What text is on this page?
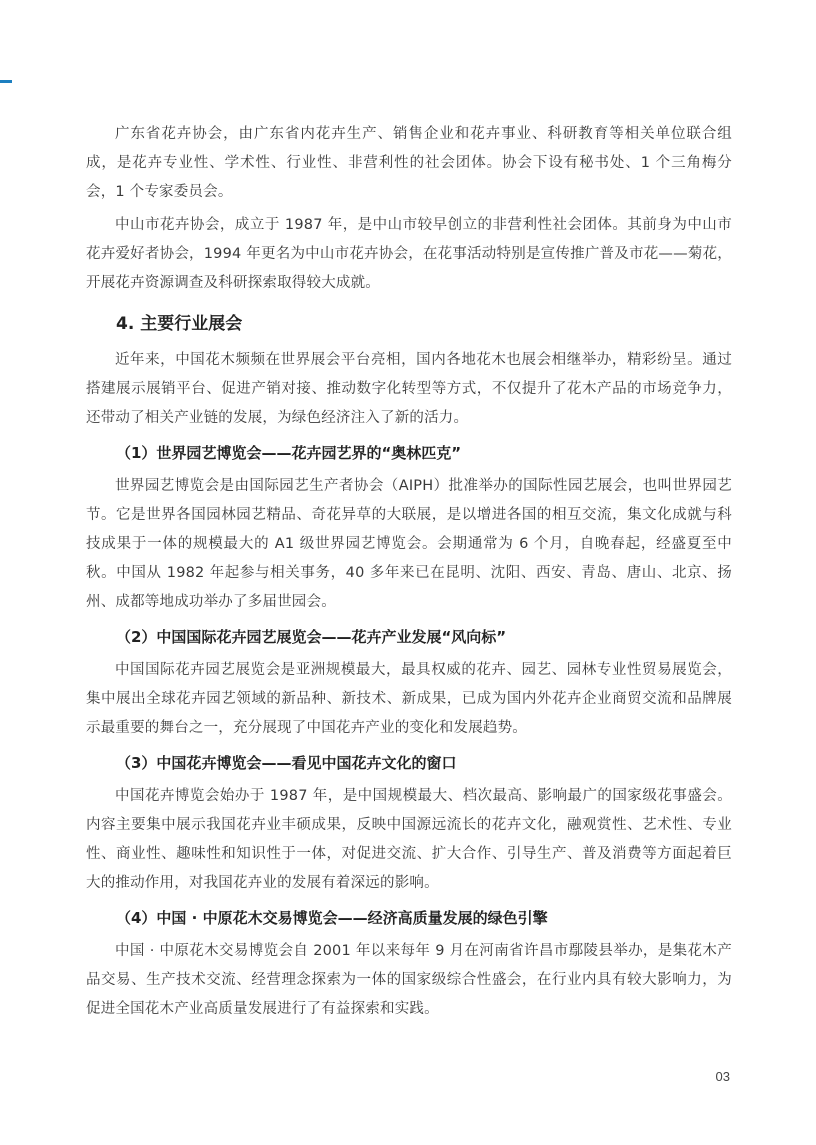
广东省花卉协会，由广东省内花卉生产、销售企业和花卉事业、科研教育等相关单位联合组成，是花卉专业性、学术性、行业性、非营利性的社会团体。协会下设有秘书处、1 个三角梅分会，1 个专家委员会。

中山市花卉协会，成立于 1987 年，是中山市较早创立的非营利性社会团体。其前身为中山市花卉爱好者协会，1994 年更名为中山市花卉协会，在花事活动特别是宣传推广普及市花——菊花，开展花卉资源调查及科研探索取得较大成就。

4. 主要行业展会

近年来，中国花木频频在世界展会平台亮相，国内各地花木也展会相继举办，精彩纷呈。通过搭建展示展销平台、促进产销对接、推动数字化转型等方式，不仅提升了花木产品的市场竞争力，还带动了相关产业链的发展，为绿色经济注入了新的活力。

（1）世界园艺博览会——花卉园艺界的“奥林匹克”

世界园艺博览会是由国际园艺生产者协会（AIPH）批准举办的国际性园艺展会，也叫世界园艺节。它是世界各国园林园艺精品、奇花异草的大联展，是以增进各国的相互交流，集文化成就与科技成果于一体的规模最大的 A1 级世界园艺博览会。会期通常为 6 个月，自晚春起，经盛夏至中秋。中国从 1982 年起参与相关事务，40 多年来已在昆明、沈阳、西安、青岛、唐山、北京、扬州、成都等地成功举办了多届世园会。

（2）中国国际花卉园艺展览会——花卉产业发展“风向标”

中国国际花卉园艺展览会是亚洲规模最大，最具权威的花卉、园艺、园林专业性贸易展览会，集中展出全球花卉园艺领域的新品种、新技术、新成果，已成为国内外花卉企业商贸交流和品牌展示最重要的舞台之一，充分展现了中国花卉产业的变化和发展趋势。

（3）中国花卉博览会——看见中国花卉文化的窗口

中国花卉博览会始办于 1987 年，是中国规模最大、档次最高、影响最广的国家级花事盛会。内容主要集中展示我国花卉业丰硕成果，反映中国源远流长的花卉文化，融观赏性、艺术性、专业性、商业性、趣味性和知识性于一体，对促进交流、扩大合作、引导生产、普及消费等方面起着巨大的推动作用，对我国花卉业的发展有着深远的影响。

（4）中国 · 中原花木交易博览会——经济高质量发展的绿色引擎

中国 · 中原花木交易博览会自 2001 年以来每年 9 月在河南省许昌市鄢陵县举办，是集花木产品交易、生产技术交流、经营理念探索为一体的国家级综合性盛会，在行业内具有较大影响力，为促进全国花木产业高质量发展进行了有益探索和实践。

03
